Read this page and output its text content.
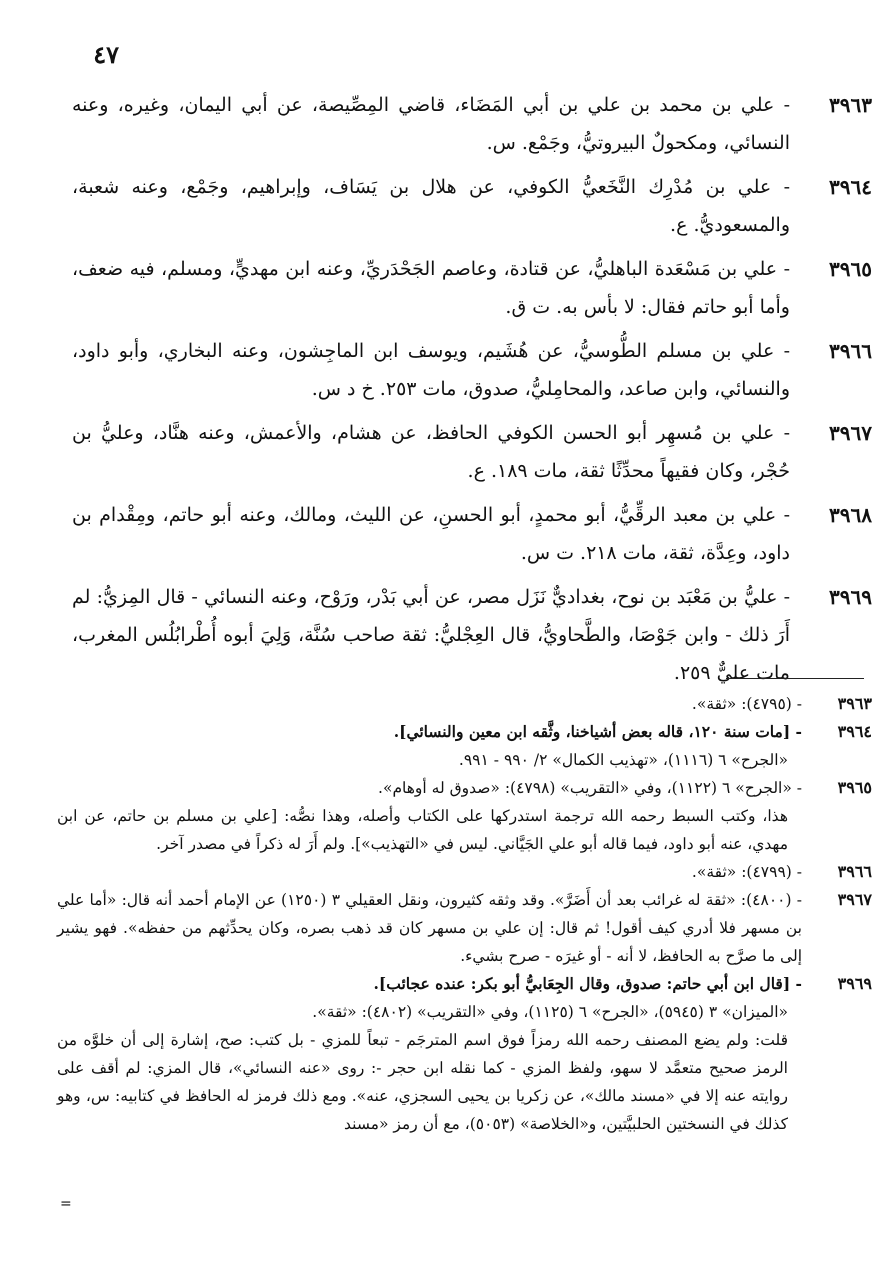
٤٧
٣٩٦٣
- علي بن محمد بن علي بن أبي المَضَاء، قاضي المِصِّيصة، عن أبي اليمان، وغيره، وعنه النسائي، ومكحولٌ البيروتيُّ، وجَمْع. س.
٣٩٦٤
- علي بن مُدْرِك النَّخَعيُّ الكوفي، عن هلال بن يَسَاف، وإبراهيم، وجَمْع، وعنه شعبة، والمسعوديُّ. ع.
٣٩٦٥
- علي بن مَسْعَدة الباهليُّ، عن قتادة، وعاصم الجَحْدَريِّ، وعنه ابن مهديٍّ، ومسلم، فيه ضعف، وأما أبو حاتم فقال: لا بأس به. ت ق.
٣٩٦٦
- علي بن مسلم الطُّوسيُّ، عن هُشَيم، ويوسف ابن الماجِشون، وعنه البخاري، وأبو داود، والنسائي، وابن صاعد، والمحامِليُّ، صدوق، مات ٢٥٣. خ د س.
٣٩٦٧
- علي بن مُسهِر أبو الحسن الكوفي الحافظ، عن هشام، والأعمش، وعنه هنَّاد، وعليُّ بن حُجْر، وكان فقيهاً محدِّثًا ثقة، مات ١٨٩. ع.
٣٩٦٨
- علي بن معبد الرقِّيُّ، أبو محمدٍ، أبو الحسنِ، عن الليث، ومالك، وعنه أبو حاتم، ومِقْدام بن داود، وعِدَّة، ثقة، مات ٢١٨. ت س.
٣٩٦٩
- عليُّ بن مَعْبَد بن نوح، بغداديٌّ نَزَل مصر، عن أبي بَدْر، ورَوْح، وعنه النسائي - قال المِزيُّ: لم أَرَ ذلك - وابن جَوْصَا، والطَّحاويُّ، قال العِجْليُّ: ثقة صاحب سُنَّة، وَلِيَ أبوه أُطْرابُلُس المغرب، مات عليٌّ ٢٥٩.
٣٩٦٣
- (٤٧٩٥): «ثقة».
٣٩٦٤
- [مات سنة ١٢٠، قاله بعض أشياخنا، وثَّقه ابن معين والنسائي].
«الجرح» ٦ (١١١٦)، «تهذيب الكمال» ٢/ ٩٩٠ - ٩٩١.
٣٩٦٥
- «الجرح» ٦ (١١٢٢)، وفي «التقريب» (٤٧٩٨): «صدوق له أوهام».
هذا، وكتب السبط رحمه الله ترجمة استدركها على الكتاب وأصله، وهذا نصُّه: [علي بن مسلم بن حاتم، عن ابن مهدي، عنه أبو داود، فيما قاله أبو علي الجَيَّاني. ليس في «التهذيب»]. ولم أَرَ له ذكراً في مصدر آخر.
٣٩٦٦
- (٤٧٩٩): «ثقة».
٣٩٦٧
- (٤٨٠٠): «ثقة له غرائب بعد أن أَضَرَّ». وقد وثقه كثيرون، ونقل العقيلي ٣ (١٢٥٠) عن الإمام أحمد أنه قال: «أما علي بن مسهر فلا أدري كيف أقول! ثم قال: إن علي بن مسهر كان قد ذهب بصره، وكان يحدِّثهم من حفظه». فهو يشير إلى ما صرَّح به الحافظ، لا أنه - أو غيرَه - صرح بشيء.
٣٩٦٩
- [قال ابن أبي حاتم: صدوق، وقال الجِعَابيُّ أبو بكر: عنده عجائب].
«الميزان» ٣ (٥٩٤٥)، «الجرح» ٦ (١١٢٥)، وفي «التقريب» (٤٨٠٢): «ثقة».
قلت: ولم يضع المصنف رحمه الله رمزاً فوق اسم المترجَم - تبعاً للمزي - بل كتب: صح، إشارة إلى أن خلوَّه من الرمز صحيح متعمَّد لا سهو، ولفظ المزي - كما نقله ابن حجر -: روى «عنه النسائي»، قال المزي: لم أقف على روايته عنه إلا في «مسند مالك»، عن زكريا بن يحيى السجزي، عنه». ومع ذلك فرمز له الحافظ في كتابيه: س، وهو كذلك في النسختين الحلبيَّتين، و«الخلاصة» (٥٠٥٣)، مع أن رمز «مسند
=
